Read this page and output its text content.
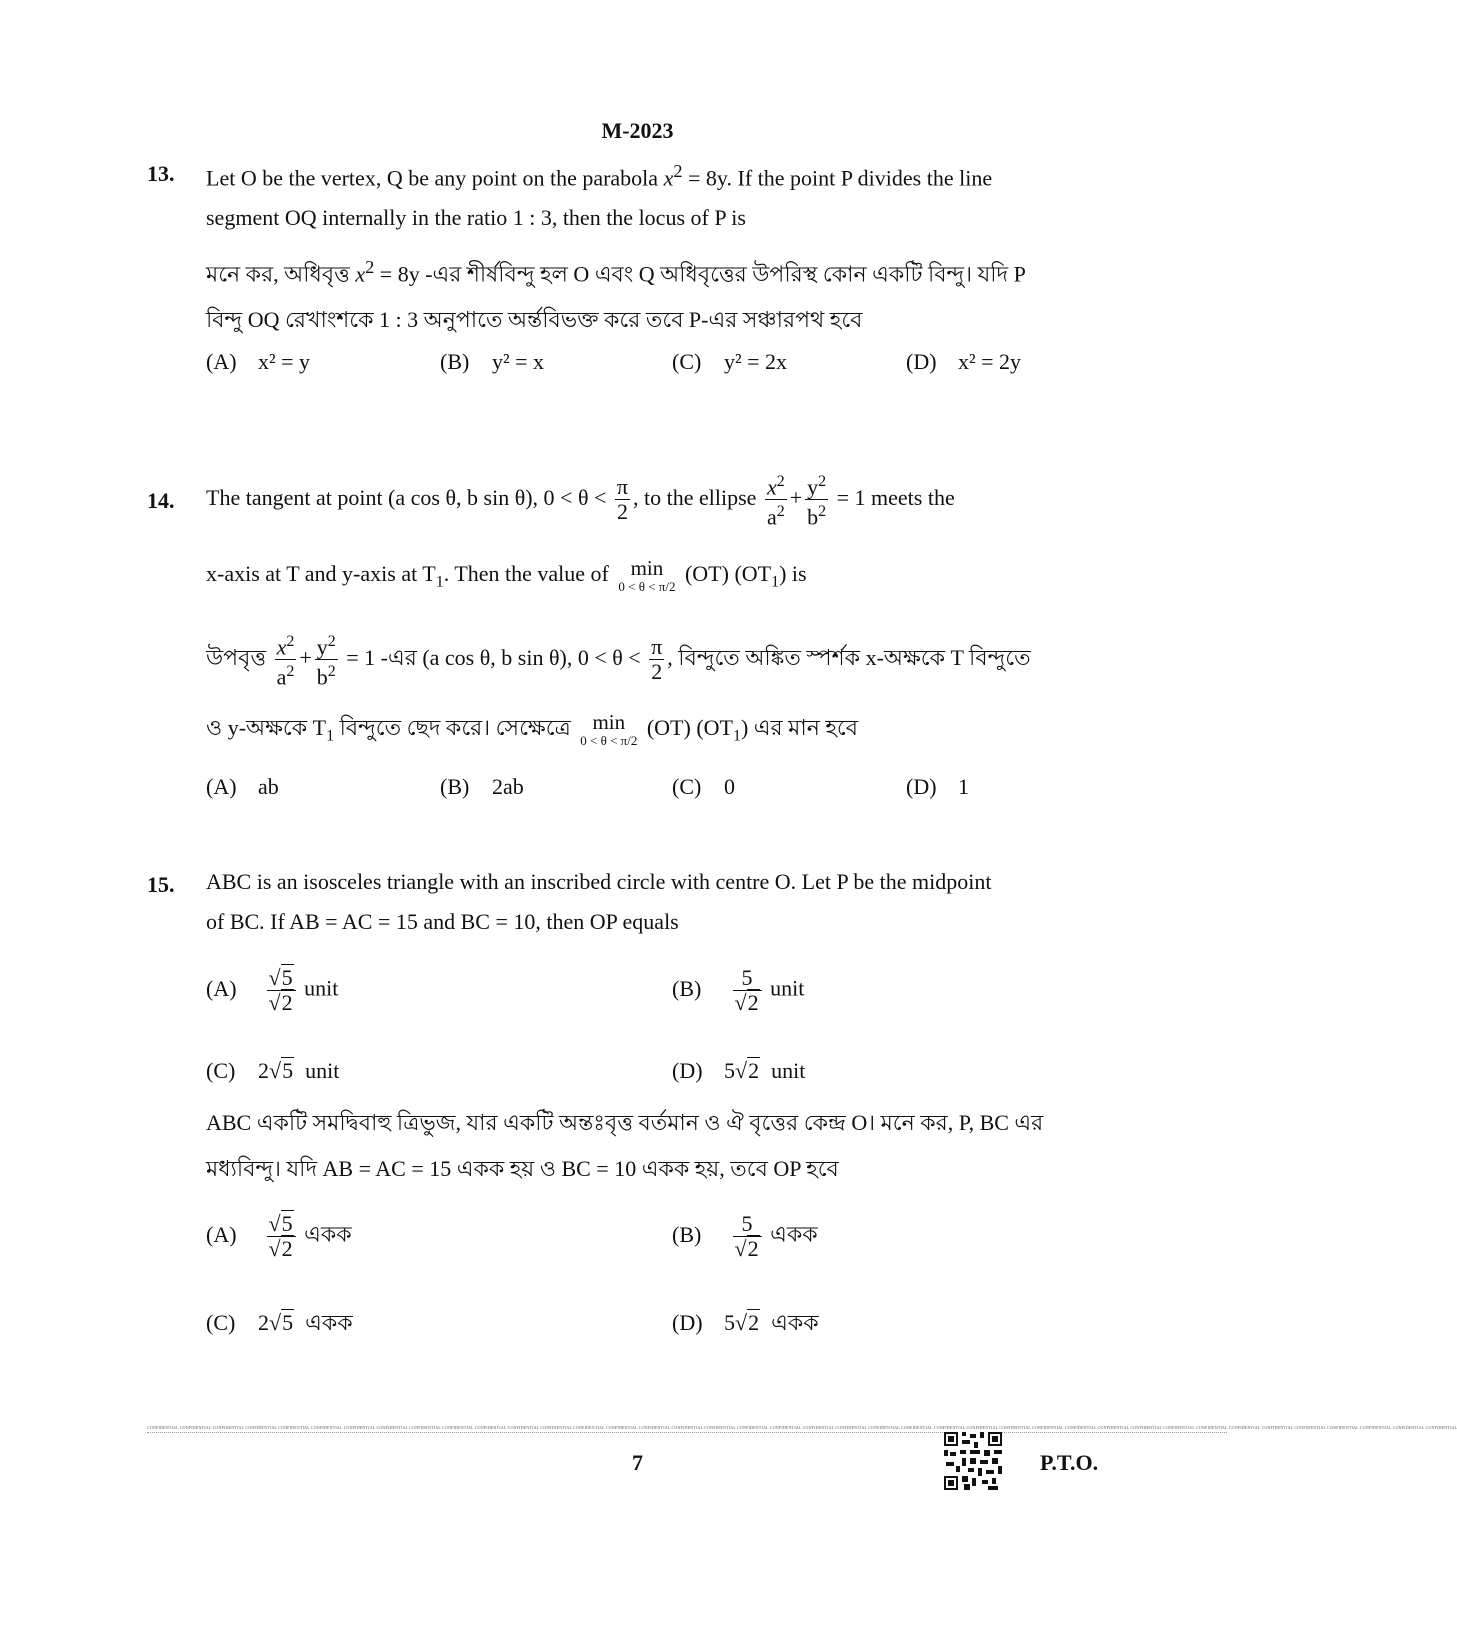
M-2023
13. Let O be the vertex, Q be any point on the parabola $x^2 = 8y$. If the point P divides the line
segment OQ internally in the ratio 1 : 3, then the locus of P is
মনে কর, অধিবৃত্ত $x^2 = 8y$ -এর শীর্ষবিন্দু হল O এবং Q অধিবৃত্তের উপরিস্থ কোন একটি বিন্দু। যদি P
বিন্দু OQ রেখাংশকে 1 : 3 অনুপাতে অর্ন্তবিভক্ত করে তবে P-এর সঞ্চারপথ হবে
(A) x² = y	(B) y² = x	(C) y² = 2x	(D) x² = 2y
14. The tangent at point (a cos θ, b sin θ), $0 < \theta < \frac{\pi}{2}$ , to the ellipse $\frac{x^2}{a^2} + \frac{y^2}{b^2} = 1$ meets the
x-axis at T and y-axis at $T_1$. Then the value of	min
0 < θ < π/2
(OT) $(OT_1)$ is
উপবৃত্ত $\frac{x^2}{a^2} + \frac{y^2}{b^2} = 1$ -এর (a cos θ, b sin θ), $0 < \theta < \frac{\pi}{2}$ , বিন্দুতে অঙ্কিত স্পর্শক x-অক্ষকে T বিন্দুতে
ও y-অক্ষকে $T_1$ বিন্দুতে ছেদ করে। সেক্ষেত্রে	min
0 < θ < π/2
(OT) $(OT_1)$ এর মান হবে
(A) ab	(B) 2ab	(C) 0	(D) 1
15. ABC is an isosceles triangle with an inscribed circle with centre O. Let P be the midpoint
of BC. If AB = AC = 15 and BC = 10, then OP equals
$(A) \frac{√5}{√2}$ unit	$(B) \frac{5}{√2}$ unit
(C) 2√5 unit	(D) 5√2 unit
ABC একটি সমদ্বিবাহু ত্রিভুজ, যার একটি অন্তঃবৃত্ত বর্তমান ও ঐ বৃত্তের কেন্দ্র O। মনে কর, P, BC এর
মধ্যবিন্দু। যদি AB = AC = 15 একক হয় ও BC = 10 একক হয়, তবে OP হবে
$(A) \frac{√5}{√2}$ একক	$(B) \frac{5}{√2}$ একক
(C) 2√5 একক	(D) 5√2 একক
CONFIDENTIAL CONFIDENTIAL CONFIDENTIAL CONFIDENTIAL CONFIDENTIAL CONFIDENTIAL CONFIDENTIAL CONFIDENTIAL CONFIDENTIAL CONFIDENTIAL CONFIDENTIAL CONFIDENTIAL CONFIDENTIAL CONFIDENTIAL CONFIDENTIAL CONFIDENTIAL CONFIDENTIAL CONFIDENTIAL CONFIDENTIAL CONFIDENTIAL CONFIDENTIAL CONFIDENTIAL CONFIDENTIAL CONFIDENTIAL CONFIDENTIAL CONFIDENTIAL CONFIDENTIAL CONFIDENTIAL CONFIDENTIAL CONFIDENTIAL CONFIDENTIAL CONFIDENTIAL CONFIDENTIAL CONFIDENTIAL CONFIDENTIAL CONFIDENTIAL CONFIDENTIAL CONFIDENTIAL CONFIDENTIAL CONFIDENTIAL
7	P.T.O.
